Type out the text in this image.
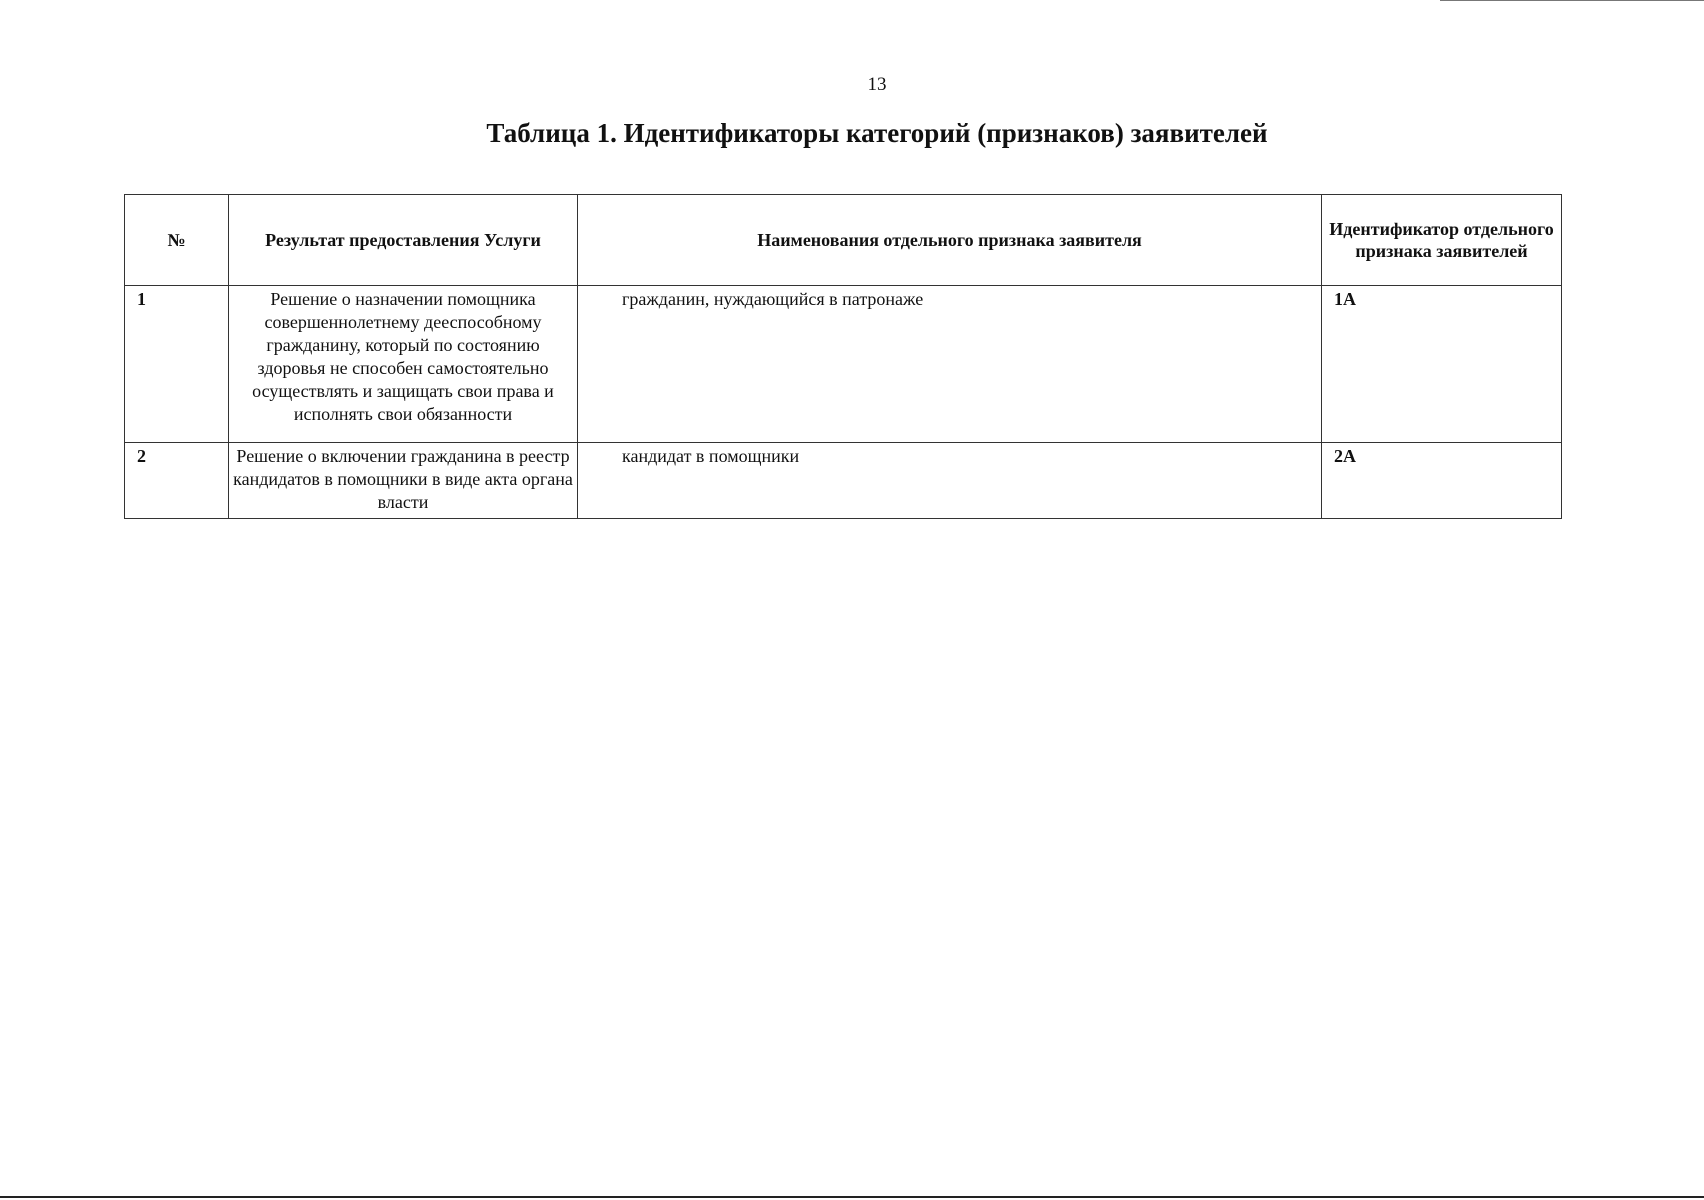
13
Таблица 1. Идентификаторы категорий (признаков) заявителей
№	Результат предоставления Услуги	Наименования отдельного признака заявителя	Идентификатор отдельного признака заявителей
1	Решение о назначении помощника совершеннолетнему дееспособному гражданину, который по состоянию здоровья не способен самостоятельно осуществлять и защищать свои права и исполнять свои обязанности	гражданин, нуждающийся в патронаже	1А
2	Решение о включении гражданина в реестр кандидатов в помощники в виде акта органа власти	кандидат в помощники	2А
